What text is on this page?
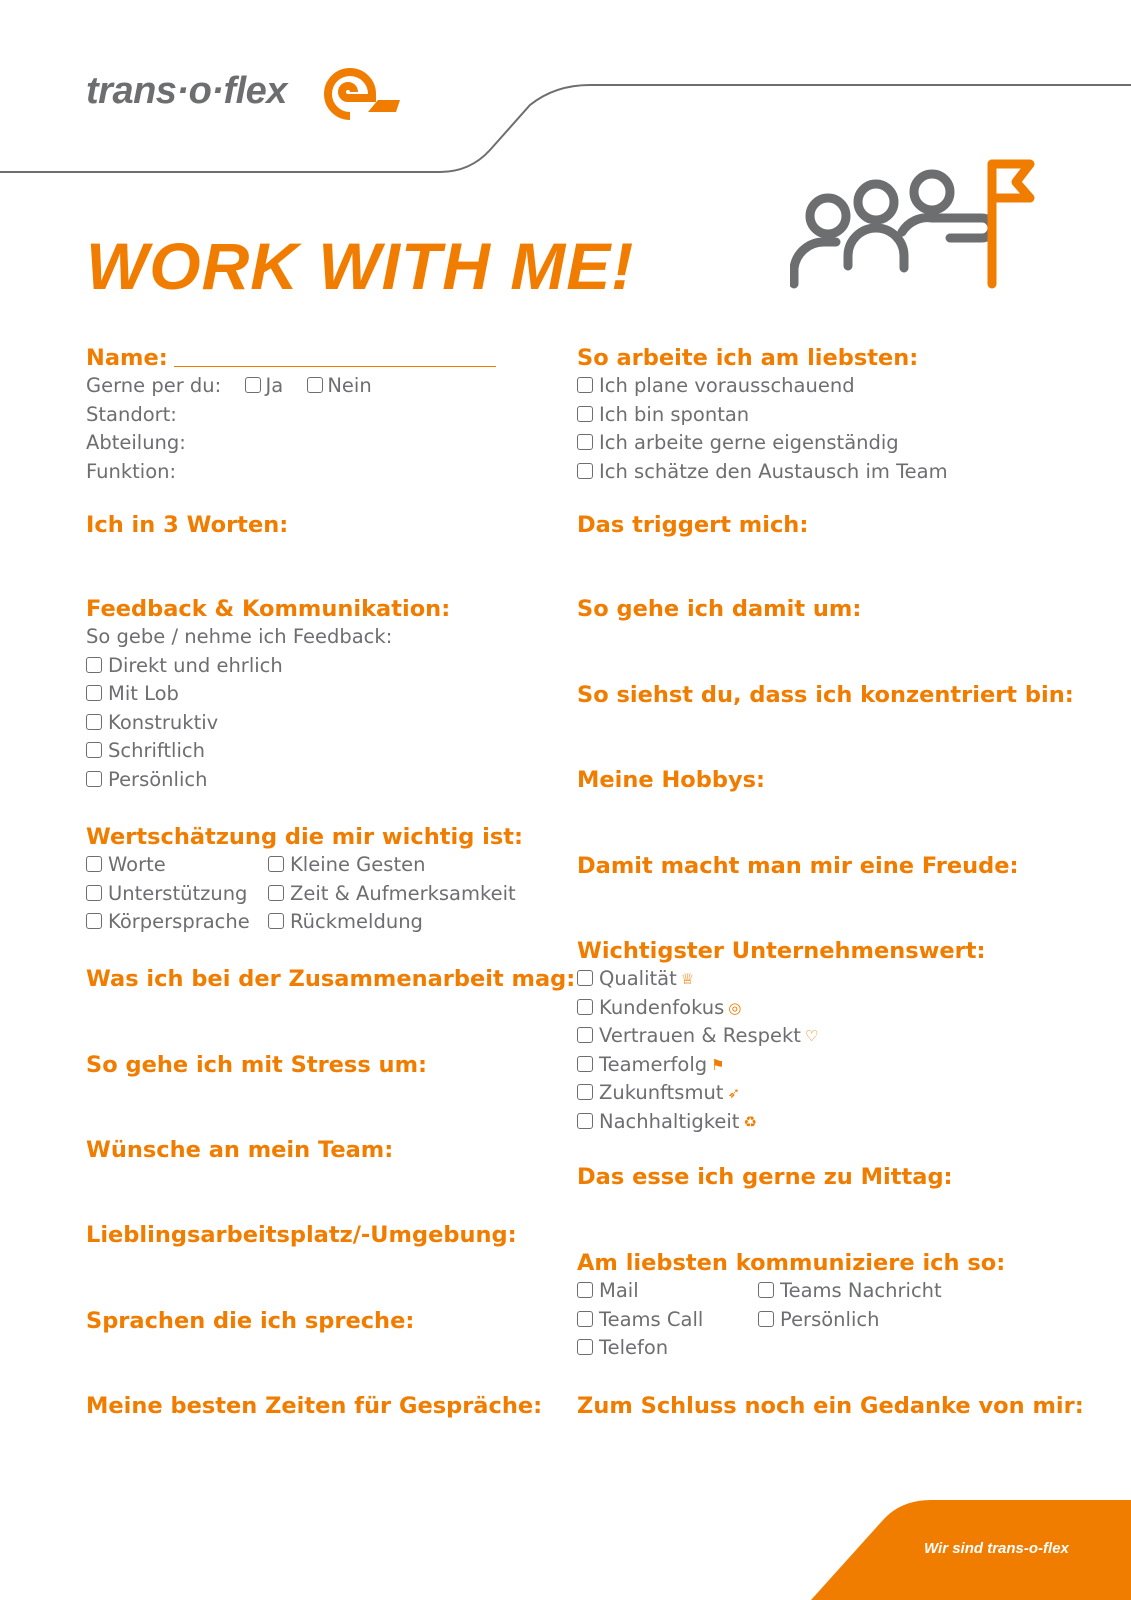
trans·o·flex
WORK WITH ME!
Name:
Gerne per du: Ja Nein
Standort:
Abteilung:
Funktion:
Ich in 3 Worten:
Feedback & Kommunikation:
So gebe / nehme ich Feedback:
Direkt und ehrlich
Mit Lob
Konstruktiv
Schriftlich
Persönlich
Wertschätzung die mir wichtig ist:
Worte
Unterstützung
Körpersprache
Kleine Gesten
Zeit & Aufmerksamkeit
Rückmeldung
Was ich bei der Zusammenarbeit mag:
So gehe ich mit Stress um:
Wünsche an mein Team:
Lieblingsarbeitsplatz/-Umgebung:
Sprachen die ich spreche:
Meine besten Zeiten für Gespräche:
So arbeite ich am liebsten:
Ich plane vorausschauend
Ich bin spontan
Ich arbeite gerne eigenständig
Ich schätze den Austausch im Team
Das triggert mich:
So gehe ich damit um:
So siehst du, dass ich konzentriert bin:
Meine Hobbys:
Damit macht man mir eine Freude:
Wichtigster Unternehmenswert:
Qualität ♕
Kundenfokus ◎
Vertrauen & Respekt ♡
Teamerfolg ⚑
Zukunftsmut ➶
Nachhaltigkeit ♻
Das esse ich gerne zu Mittag:
Am liebsten kommuniziere ich so:
Mail
Teams Call
Telefon
Teams Nachricht
Persönlich
Zum Schluss noch ein Gedanke von mir:
Wir sind trans-o-flex
